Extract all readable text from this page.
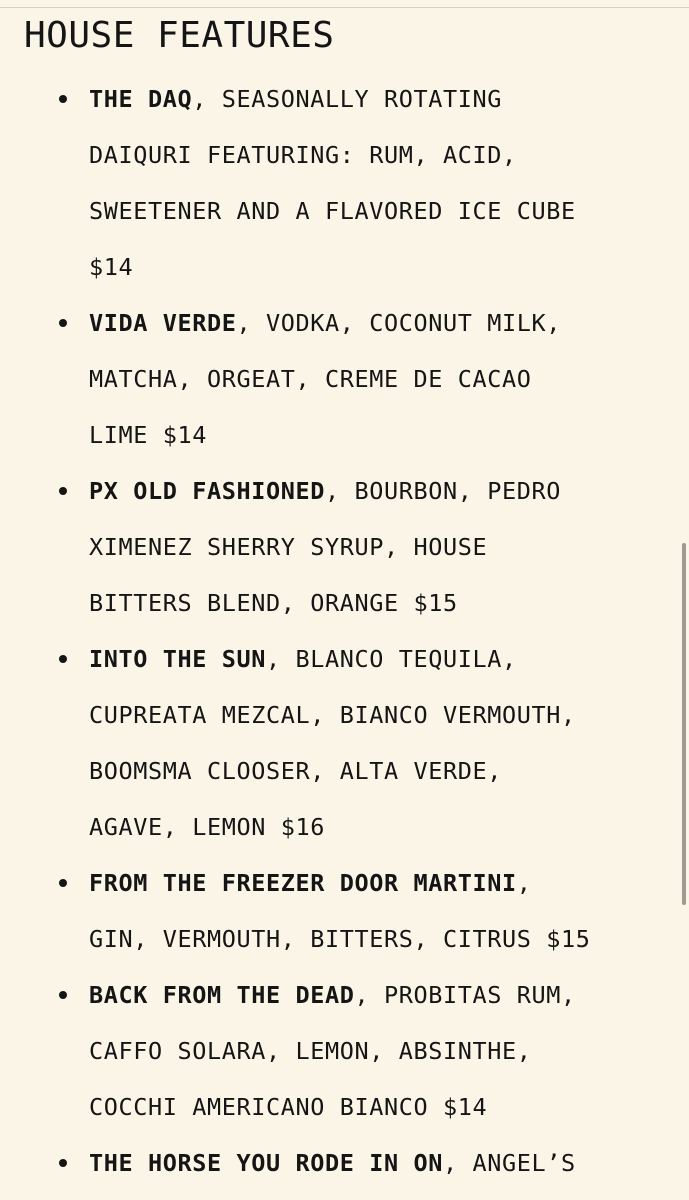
HOUSE FEATURES
THE DAQ, SEASONALLY ROTATING
DAIQURI FEATURING: RUM, ACID,
SWEETENER AND A FLAVORED ICE CUBE
$14
VIDA VERDE, VODKA, COCONUT MILK,
MATCHA, ORGEAT, CREME DE CACAO
LIME $14
PX OLD FASHIONED, BOURBON, PEDRO
XIMENEZ SHERRY SYRUP, HOUSE
BITTERS BLEND, ORANGE $15
INTO THE SUN, BLANCO TEQUILA,
CUPREATA MEZCAL, BIANCO VERMOUTH,
BOOMSMA CLOOSER, ALTA VERDE,
AGAVE, LEMON $16
FROM THE FREEZER DOOR MARTINI,
GIN, VERMOUTH, BITTERS, CITRUS $15
BACK FROM THE DEAD, PROBITAS RUM,
CAFFO SOLARA, LEMON, ABSINTHE,
COCCHI AMERICANO BIANCO $14
THE HORSE YOU RODE IN ON, ANGEL’S
